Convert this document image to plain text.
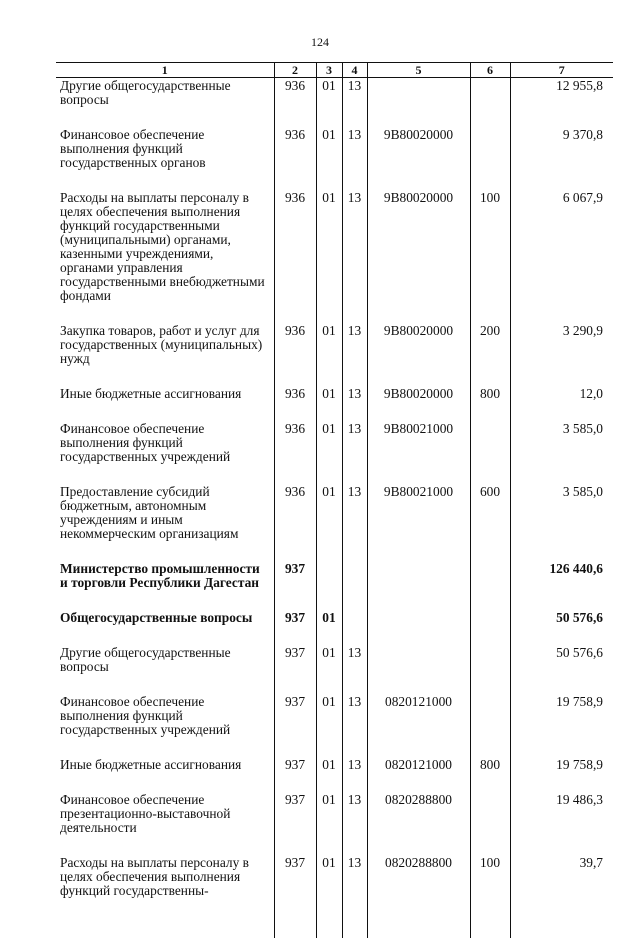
124
1	2	3	4	5	6	7
Другие общегосударственные вопросы	936	01	13			12 955,8
Финансовое обеспечение выполнения функций государственных органов	936	01	13	9В80020000		9 370,8
Расходы на выплаты персоналу в целях обеспечения выполнения функций государственными (муниципальными) органами, казенными учреждениями, органами управления государственными внебюджетными фондами	936	01	13	9В80020000	100	6 067,9
Закупка товаров, работ и услуг для государственных (муниципальных) нужд	936	01	13	9В80020000	200	3 290,9
Иные бюджетные ассигнования	936	01	13	9В80020000	800	12,0
Финансовое обеспечение выполнения функций государственных учреждений	936	01	13	9В80021000		3 585,0
Предоставление субсидий бюджетным, автономным учреждениям и иным некоммерческим организациям	936	01	13	9В80021000	600	3 585,0
Министерство промышленности и торговли Республики Дагестан	937					126 440,6
Общегосударственные вопросы	937	01				50 576,6
Другие общегосударственные вопросы	937	01	13			50 576,6
Финансовое обеспечение выполнения функций государственных учреждений	937	01	13	0820121000		19 758,9
Иные бюджетные ассигнования	937	01	13	0820121000	800	19 758,9
Финансовое обеспечение презентационно-выставочной деятельности	937	01	13	0820288800		19 486,3
Расходы на выплаты персоналу в целях обеспечения выполнения функций государственны-	937	01	13	0820288800	100	39,7
